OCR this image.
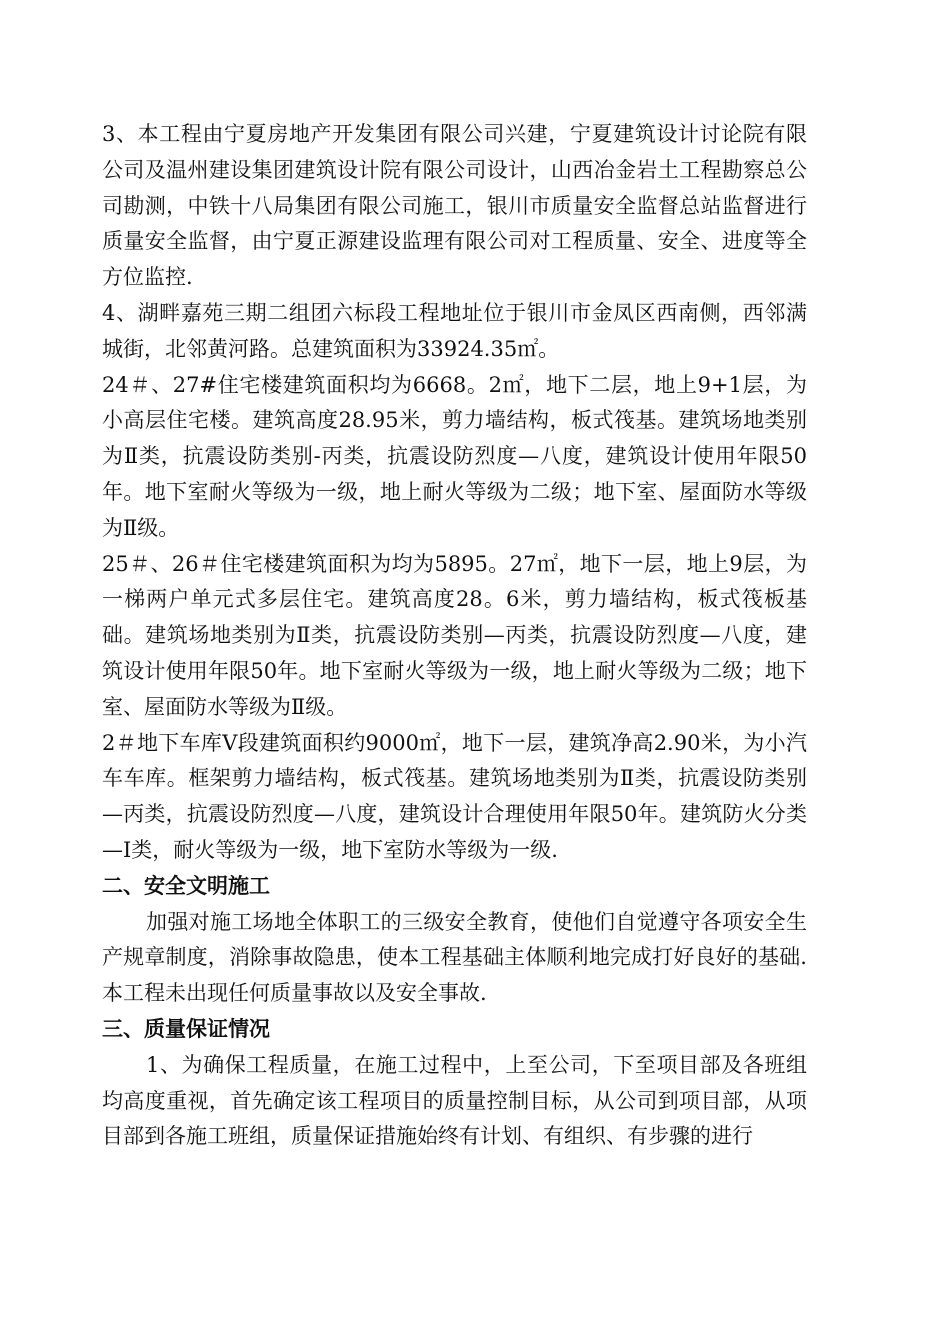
3、本工程由宁夏房地产开发集团有限公司兴建，宁夏建筑设计讨论院有限公司及温州建设集团建筑设计院有限公司设计，山西冶金岩土工程勘察总公司勘测，中铁十八局集团有限公司施工，银川市质量安全监督总站监督进行质量安全监督，由宁夏正源建设监理有限公司对工程质量、安全、进度等全方位监控.

4、湖畔嘉苑三期二组团六标段工程地址位于银川市金凤区西南侧，西邻满城街，北邻黄河路。总建筑面积为33924.35㎡。

24＃、27#住宅楼建筑面积均为6668。2㎡，地下二层，地上9+1层，为小高层住宅楼。建筑高度28.95米，剪力墙结构，板式筏基。建筑场地类别为Ⅱ类，抗震设防类别-丙类，抗震设防烈度—八度，建筑设计使用年限50年。地下室耐火等级为一级，地上耐火等级为二级；地下室、屋面防水等级为Ⅱ级。

25＃、26＃住宅楼建筑面积为均为5895。27㎡，地下一层，地上9层，为一梯两户单元式多层住宅。建筑高度28。6米，剪力墙结构，板式筏板基础。建筑场地类别为Ⅱ类，抗震设防类别—丙类，抗震设防烈度—八度，建筑设计使用年限50年。地下室耐火等级为一级，地上耐火等级为二级；地下室、屋面防水等级为Ⅱ级。

2＃地下车库Ⅴ段建筑面积约9000㎡，地下一层，建筑净高2.90米，为小汽车车库。框架剪力墙结构，板式筏基。建筑场地类别为Ⅱ类，抗震设防类别—丙类，抗震设防烈度—八度，建筑设计合理使用年限50年。建筑防火分类—Ⅰ类，耐火等级为一级，地下室防水等级为一级.

二、安全文明施工

加强对施工场地全体职工的三级安全教育，使他们自觉遵守各项安全生产规章制度，消除事故隐患，使本工程基础主体顺利地完成打好良好的基础.本工程未出现任何质量事故以及安全事故.

三、质量保证情况

1、为确保工程质量，在施工过程中，上至公司，下至项目部及各班组均高度重视，首先确定该工程项目的质量控制目标，从公司到项目部，从项目部到各施工班组，质量保证措施始终有计划、有组织、有步骤的进行
